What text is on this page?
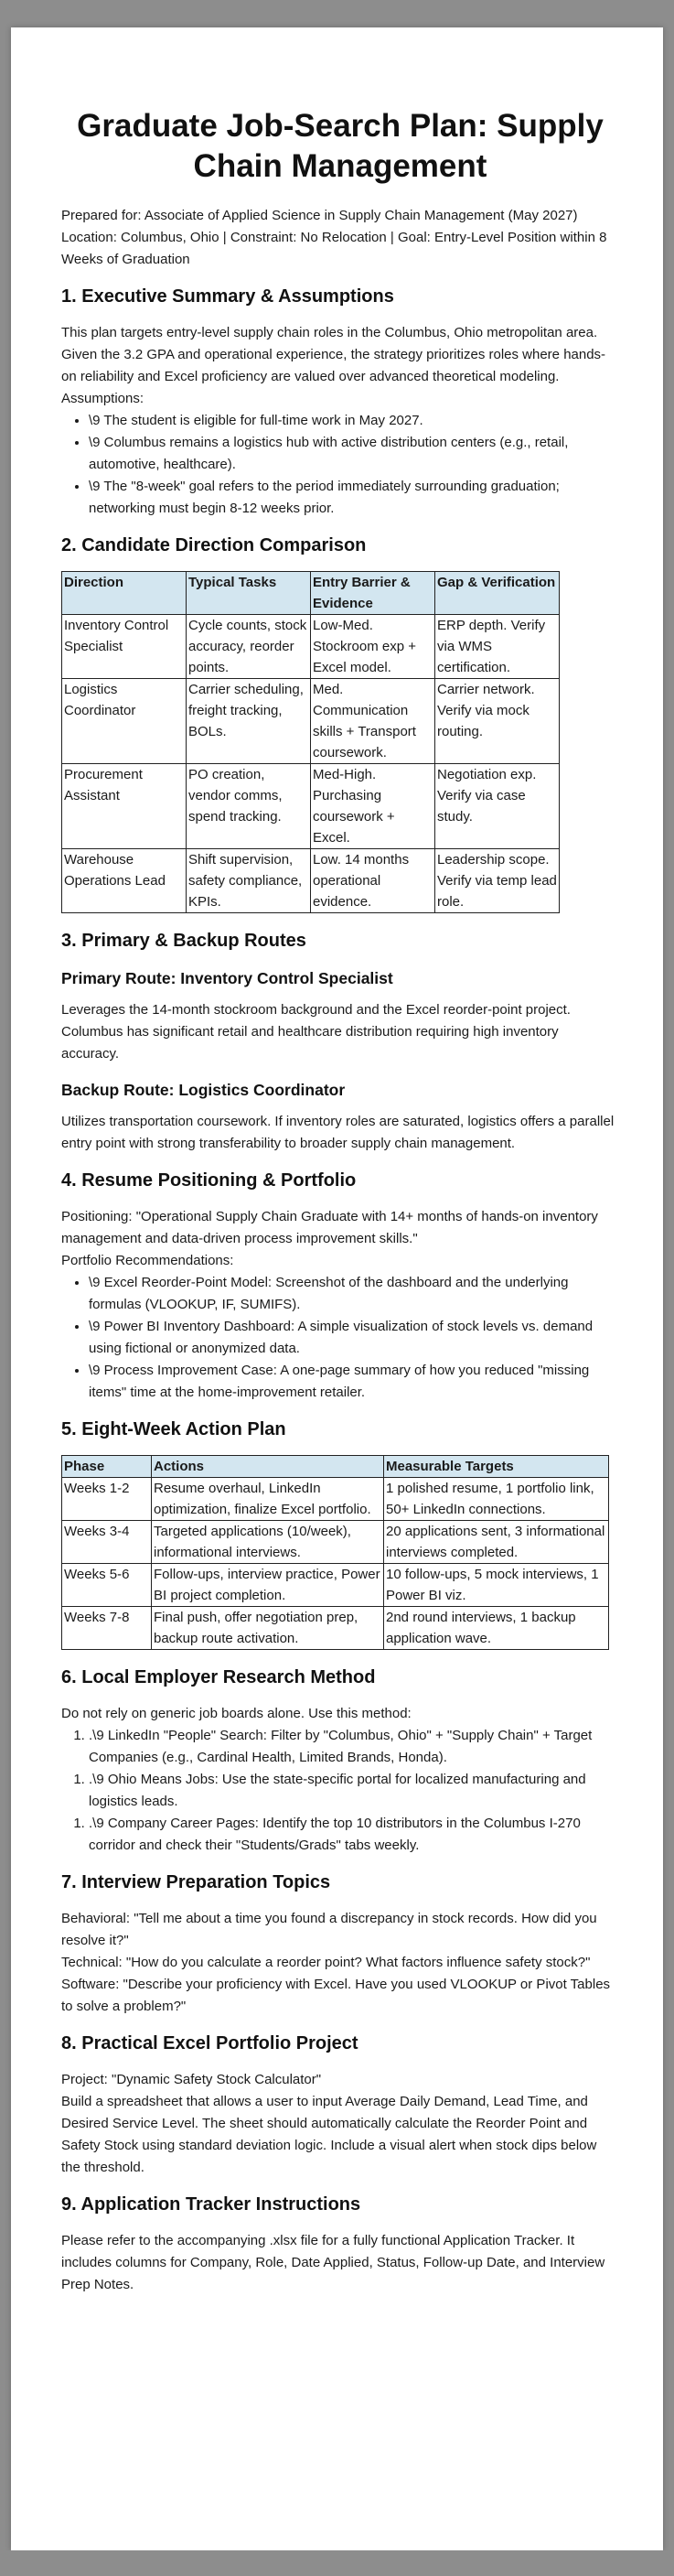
Graduate Job-Search Plan: Supply Chain Management

Prepared for: Associate of Applied Science in Supply Chain Management (May 2027)

Location: Columbus, Ohio | Constraint: No Relocation | Goal: Entry-Level Position within 8 Weeks of Graduation

1. Executive Summary & Assumptions

This plan targets entry-level supply chain roles in the Columbus, Ohio metropolitan area. Given the 3.2 GPA and operational experience, the strategy prioritizes roles where hands-on reliability and Excel proficiency are valued over advanced theoretical modeling.

Assumptions:

• \9 The student is eligible for full-time work in May 2027.
• \9 Columbus remains a logistics hub with active distribution centers (e.g., retail, automotive, healthcare).
• \9 The "8-week" goal refers to the period immediately surrounding graduation; networking must begin 8-12 weeks prior.
2. Candidate Direction Comparison
Direction	Typical Tasks	Entry Barrier & Evidence	Gap & Verification
Inventory Control Specialist	Cycle counts, stock accuracy, reorder points.	Low-Med. Stockroom exp + Excel model.	ERP depth. Verify via WMS certification.
Logistics Coordinator	Carrier scheduling, freight tracking, BOLs.	Med. Communication skills + Transport coursework.	Carrier network. Verify via mock routing.
Procurement Assistant	PO creation, vendor comms, spend tracking.	Med-High. Purchasing coursework + Excel.	Negotiation exp. Verify via case study.
Warehouse Operations Lead	Shift supervision, safety compliance, KPIs.	Low. 14 months operational evidence.	Leadership scope. Verify via temp lead role.
3. Primary & Backup Routes
Primary Route: Inventory Control Specialist

Leverages the 14-month stockroom background and the Excel reorder-point project. Columbus has significant retail and healthcare distribution requiring high inventory accuracy.

Backup Route: Logistics Coordinator

Utilizes transportation coursework. If inventory roles are saturated, logistics offers a parallel entry point with strong transferability to broader supply chain management.

4. Resume Positioning & Portfolio

Positioning: "Operational Supply Chain Graduate with 14+ months of hands-on inventory management and data-driven process improvement skills."

Portfolio Recommendations:

• \9 Excel Reorder-Point Model: Screenshot of the dashboard and the underlying formulas (VLOOKUP, IF, SUMIFS).
• \9 Power BI Inventory Dashboard: A simple visualization of stock levels vs. demand using fictional or anonymized data.
• \9 Process Improvement Case: A one-page summary of how you reduced "missing items" time at the home-improvement retailer.
5. Eight-Week Action Plan
Phase	Actions	Measurable Targets
Weeks 1-2	Resume overhaul, LinkedIn optimization, finalize Excel portfolio.	1 polished resume, 1 portfolio link, 50+ LinkedIn connections.
Weeks 3-4	Targeted applications (10/week), informational interviews.	20 applications sent, 3 informational interviews completed.
Weeks 5-6	Follow-ups, interview practice, Power BI project completion.	10 follow-ups, 5 mock interviews, 1 Power BI viz.
Weeks 7-8	Final push, offer negotiation prep, backup route activation.	2nd round interviews, 1 backup application wave.
6. Local Employer Research Method

Do not rely on generic job boards alone. Use this method:

1. .\9 LinkedIn "People" Search: Filter by "Columbus, Ohio" + "Supply Chain" + Target Companies (e.g., Cardinal Health, Limited Brands, Honda).
1. .\9 Ohio Means Jobs: Use the state-specific portal for localized manufacturing and logistics leads.
1. .\9 Company Career Pages: Identify the top 10 distributors in the Columbus I-270 corridor and check their "Students/Grads" tabs weekly.
7. Interview Preparation Topics

Behavioral: "Tell me about a time you found a discrepancy in stock records. How did you resolve it?"

Technical: "How do you calculate a reorder point? What factors influence safety stock?"

Software: "Describe your proficiency with Excel. Have you used VLOOKUP or Pivot Tables to solve a problem?"

8. Practical Excel Portfolio Project

Project: "Dynamic Safety Stock Calculator"

Build a spreadsheet that allows a user to input Average Daily Demand, Lead Time, and Desired Service Level. The sheet should automatically calculate the Reorder Point and Safety Stock using standard deviation logic. Include a visual alert when stock dips below the threshold.

9. Application Tracker Instructions

Please refer to the accompanying .xlsx file for a fully functional Application Tracker. It includes columns for Company, Role, Date Applied, Status, Follow-up Date, and Interview Prep Notes.
